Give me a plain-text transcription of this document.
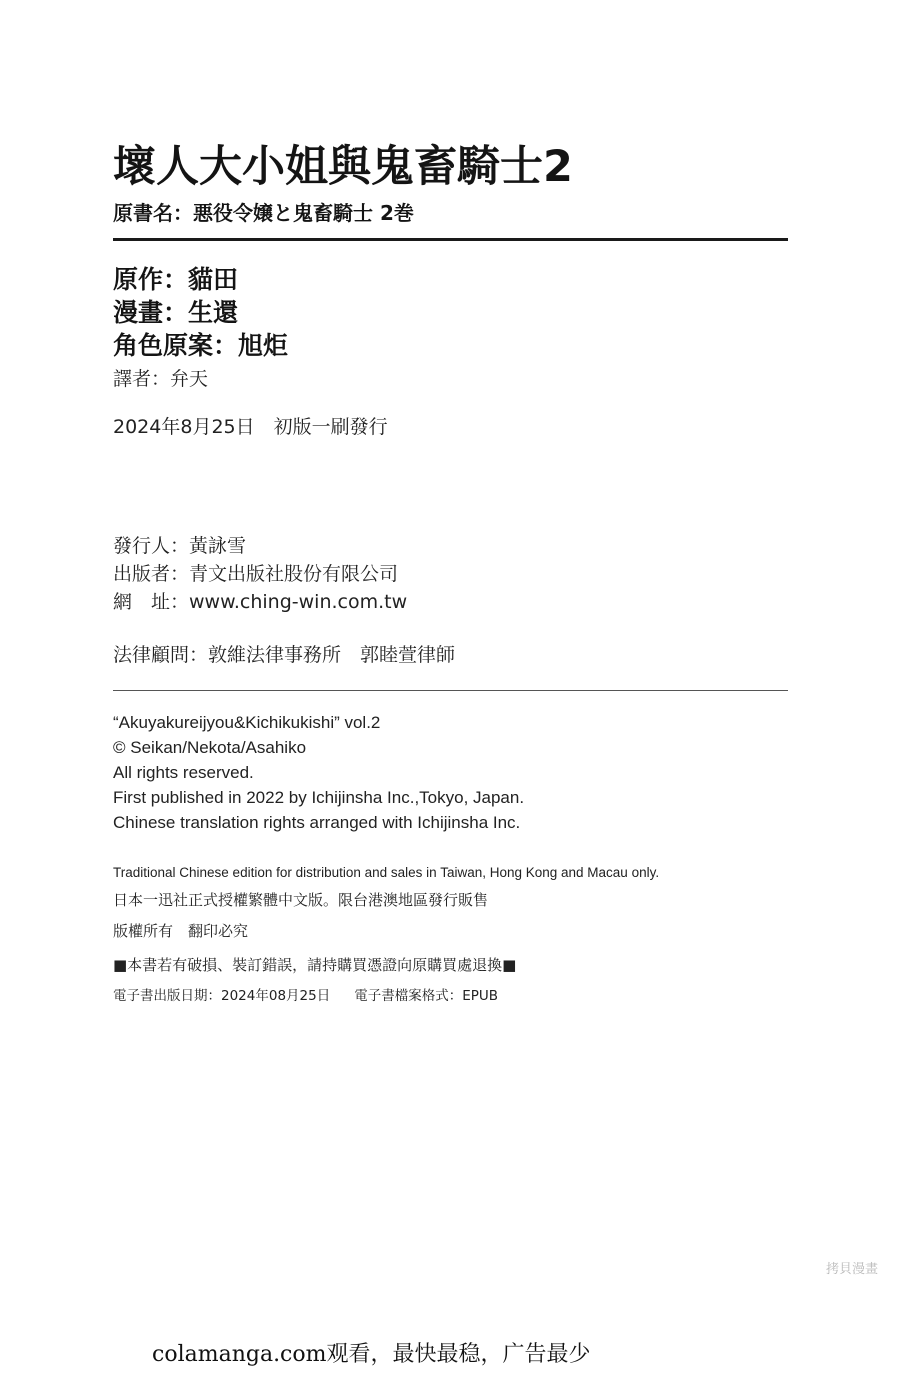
壞人大小姐與鬼畜騎士2
原書名：悪役令嬢と鬼畜騎士 2巻
原作：貓田
漫畫：生還
角色原案：旭炬
譯者：弁天
2024年8月25日　初版一刷發行
發行人：黃詠雪
出版者：青文出版社股份有限公司
網　址：www.ching-win.com.tw
法律顧問：敦維法律事務所　郭睦萱律師
“Akuyakureijyou&Kichikukishi” vol.2
© Seikan/Nekota/Asahiko
All rights reserved.
First published in 2022 by Ichijinsha Inc.,Tokyo, Japan.
Chinese translation rights arranged with Ichijinsha Inc.
Traditional Chinese edition for distribution and sales in Taiwan, Hong Kong and Macau only.
日本一迅社正式授權繁體中文版。限台港澳地區發行販售
版權所有　翻印必究
■本書若有破損、裝訂錯誤，請持購買憑證向原購買處退換■
電子書出版日期：2024年08月25日 電子書檔案格式：EPUB
拷貝漫畫
colamanga.com观看，最快最稳，广告最少
